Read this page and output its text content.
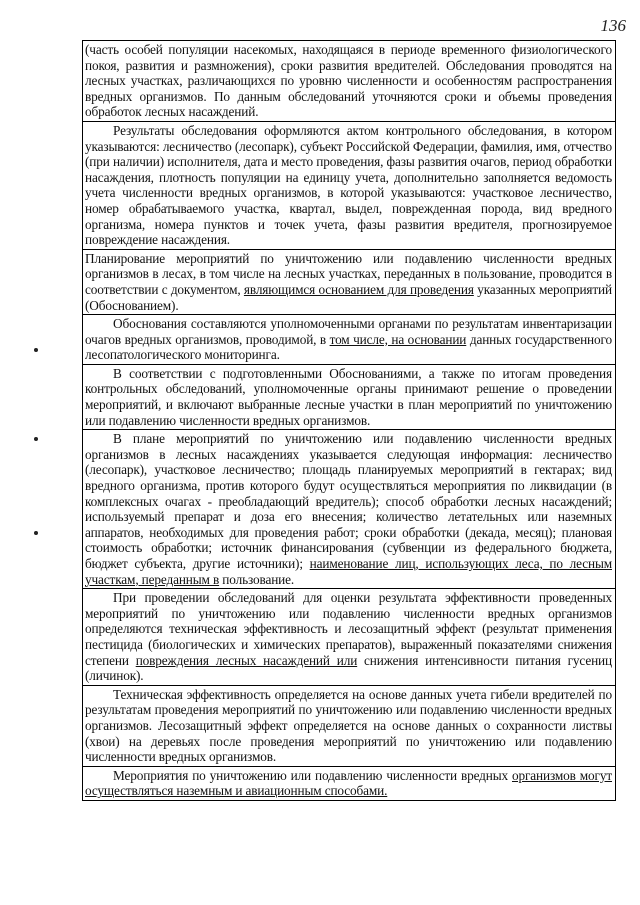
136

(часть особей популяции насекомых, находящаяся в периоде временного физиологического покоя, развития и размножения), сроки развития вредителей. Обследования проводятся на лесных участках, различающихся по уровню численности и особенностям распространения вредных организмов. По данным обследований уточняются сроки и объемы проведения обработок лесных насаждений.

Результаты обследования оформляются актом контрольного обследования, в котором указываются: лесничество (лесопарк), субъект Российской Федерации, фамилия, имя, отчество (при наличии) исполнителя, дата и место проведения, фазы развития очагов, период обработки насаждения, плотность популяции на единицу учета, дополнительно заполняется ведомость учета численности вредных организмов, в которой указываются: участковое лесничество, номер обрабатываемого участка, квартал, выдел, поврежденная порода, вид вредного организма, номера пунктов и точек учета, фазы развития вредителя, прогнозируемое повреждение насаждения.

Планирование мероприятий по уничтожению или подавлению численности вредных организмов в лесах, в том числе на лесных участках, переданных в пользование, проводится в соответствии с документом, являющимся основанием для проведения указанных мероприятий (Обоснованием).

Обоснования составляются уполномоченными органами по результатам инвентаризации очагов вредных организмов, проводимой, в том числе, на основании данных государственного лесопатологического мониторинга.

В соответствии с подготовленными Обоснованиями, а также по итогам проведения контрольных обследований, уполномоченные органы принимают решение о проведении мероприятий, и включают выбранные лесные участки в план мероприятий по уничтожению или подавлению численности вредных организмов.

В плане мероприятий по уничтожению или подавлению численности вредных организмов в лесных насаждениях указывается следующая информация: лесничество (лесопарк), участковое лесничество; площадь планируемых мероприятий в гектарах; вид вредного организма, против которого будут осуществляться мероприятия по ликвидации (в комплексных очагах - преобладающий вредитель); способ обработки лесных насаждений; используемый препарат и доза его внесения; количество летательных или наземных аппаратов, необходимых для проведения работ; сроки обработки (декада, месяц); плановая стоимость обработки; источник финансирования (субвенции из федерального бюджета, бюджет субъекта, другие источники); наименование лиц, использующих леса, по лесным участкам, переданным в пользование.

При проведении обследований для оценки результата эффективности проведенных мероприятий по уничтожению или подавлению численности вредных организмов определяются техническая эффективность и лесозащитный эффект (результат применения пестицида (биологических и химических препаратов), выраженный показателями снижения степени повреждения лесных насаждений или снижения интенсивности питания гусениц (личинок).

Техническая эффективность определяется на основе данных учета гибели вредителей по результатам проведения мероприятий по уничтожению или подавлению численности вредных организмов. Лесозащитный эффект определяется на основе данных о сохранности листвы (хвои) на деревьях после проведения мероприятий по уничтожению или подавлению численности вредных организмов.

Мероприятия по уничтожению или подавлению численности вредных организмов могут осуществляться наземным и авиационным способами.
